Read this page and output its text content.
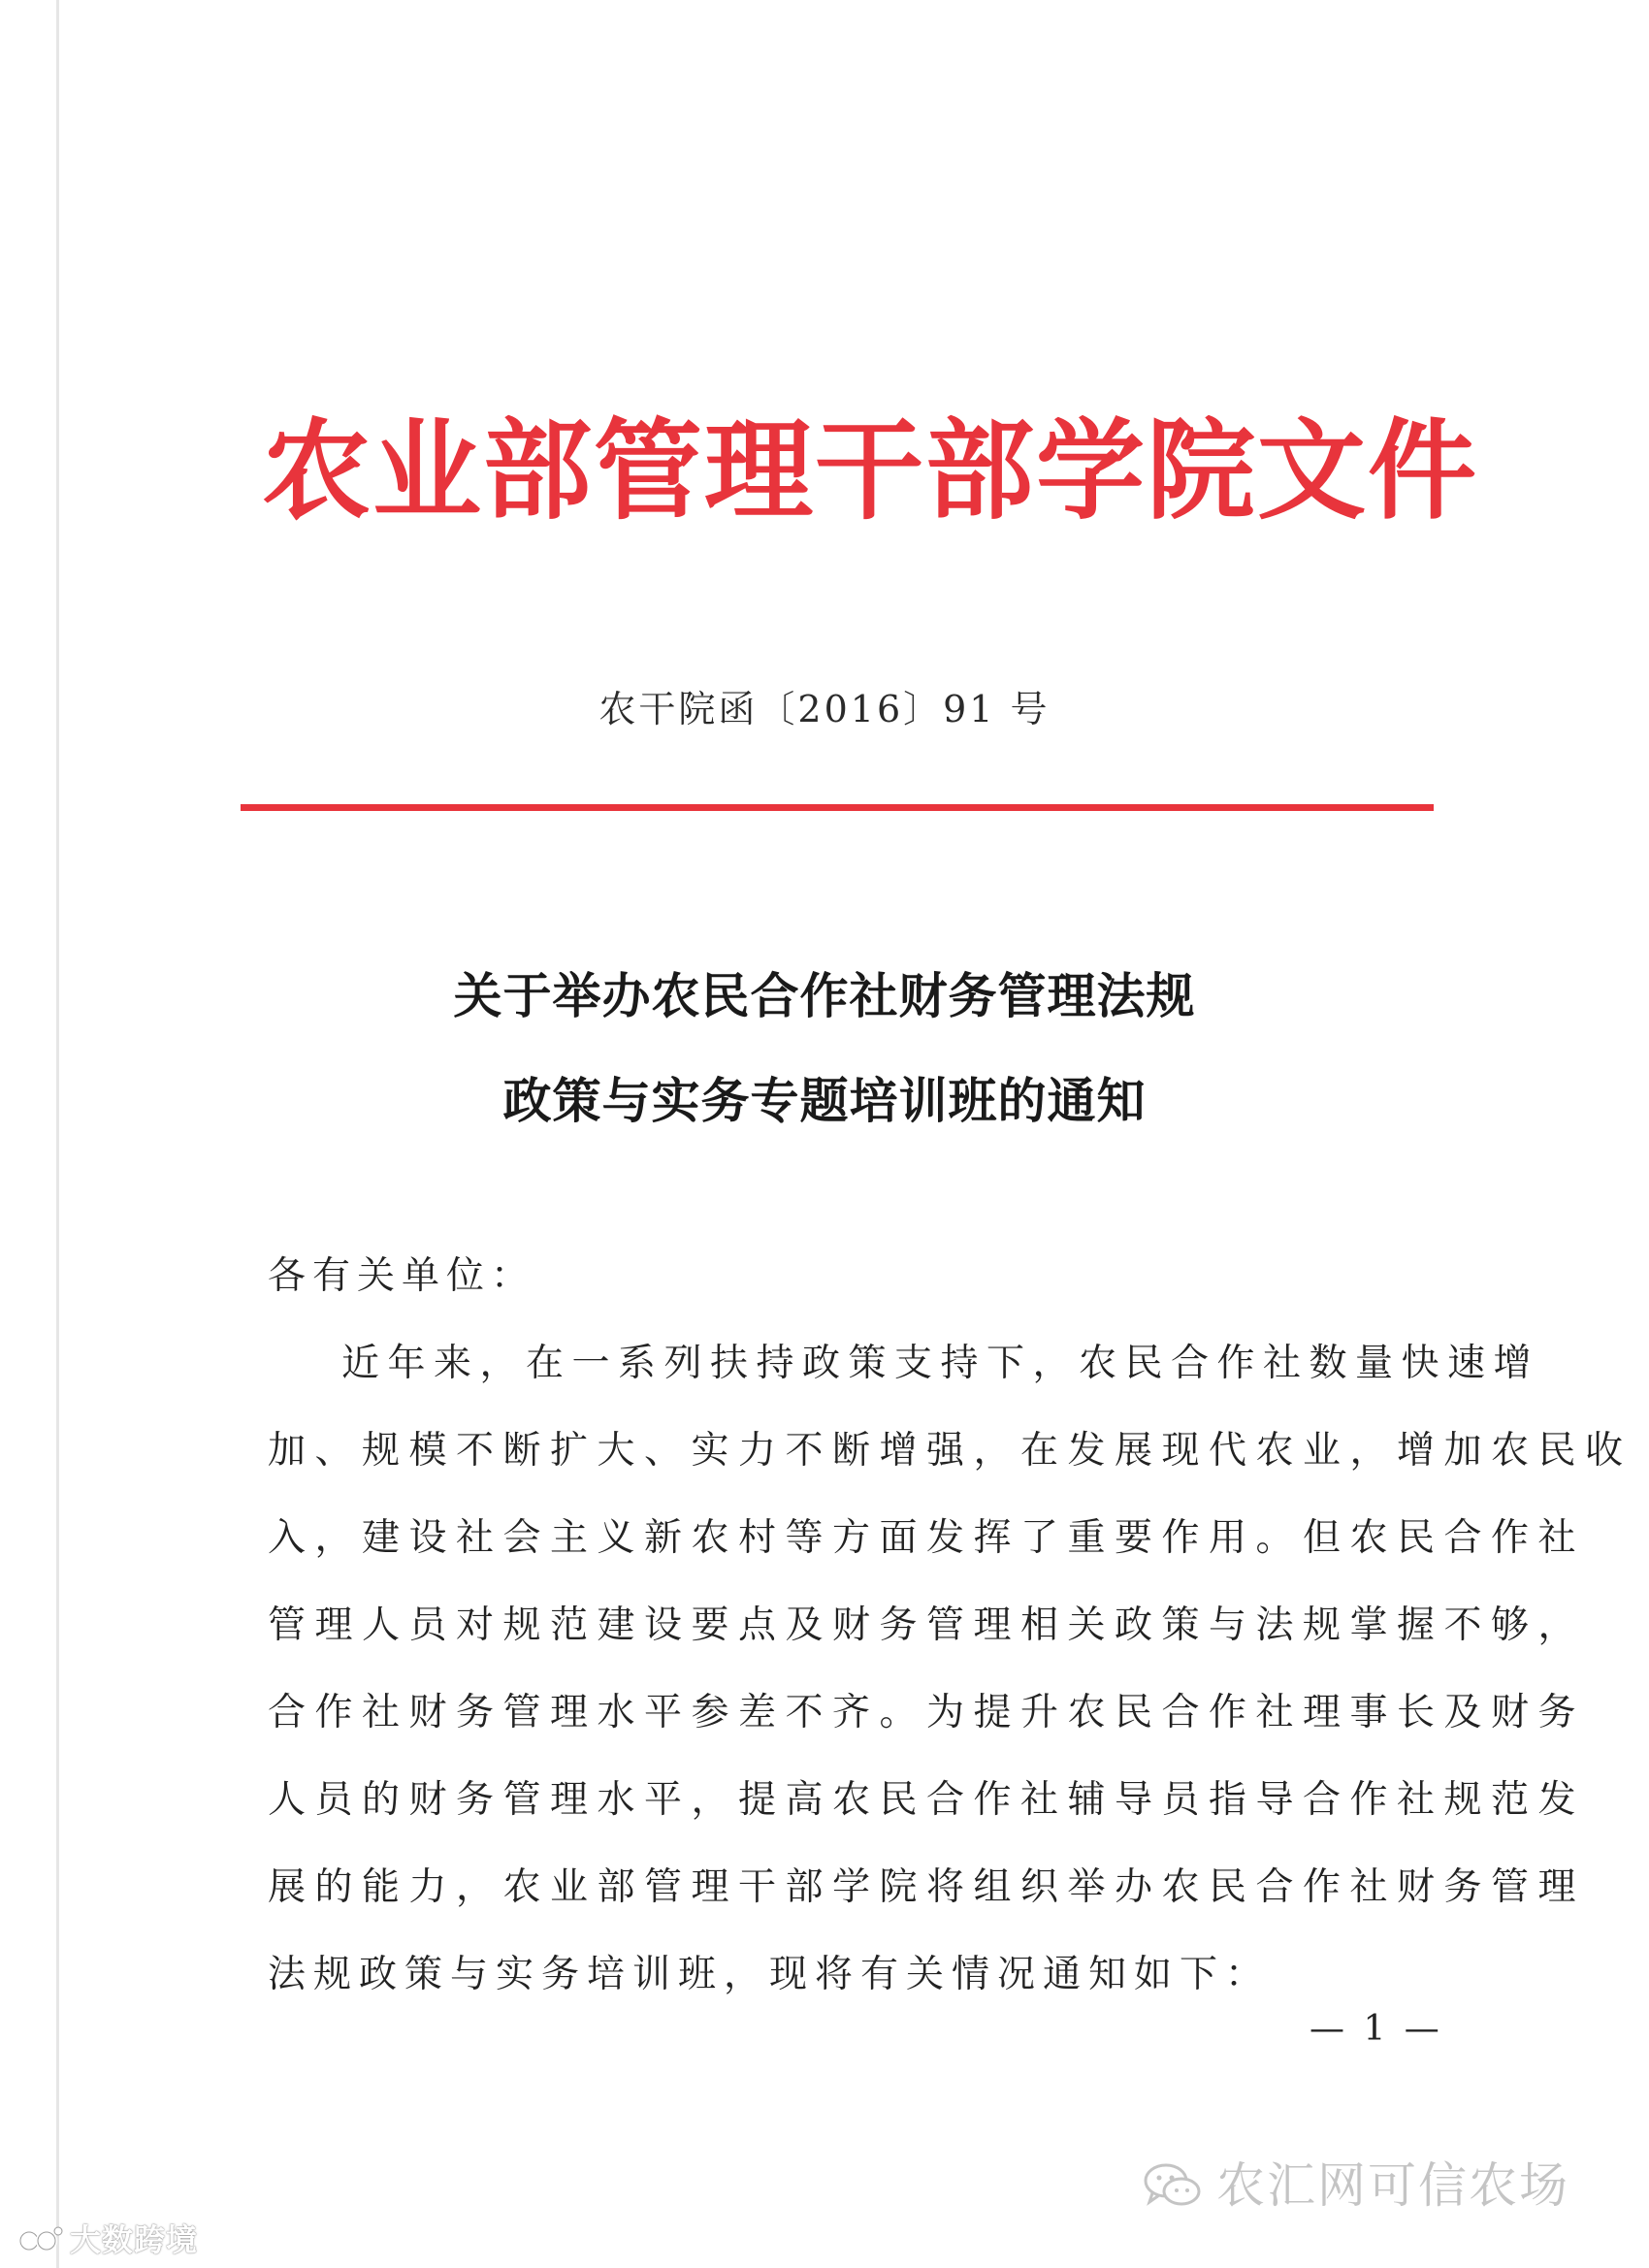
农业部管理干部学院文件
农干院函〔2016〕91 号
关于举办农民合作社财务管理法规
政策与实务专题培训班的通知
各有关单位：
近年来，在一系列扶持政策支持下，农民合作社数量快速增
加、规模不断扩大、实力不断增强，在发展现代农业，增加农民收
入，建设社会主义新农村等方面发挥了重要作用。但农民合作社
管理人员对规范建设要点及财务管理相关政策与法规掌握不够，
合作社财务管理水平参差不齐。为提升农民合作社理事长及财务
人员的财务管理水平，提高农民合作社辅导员指导合作社规范发
展的能力，农业部管理干部学院将组织举办农民合作社财务管理
法规政策与实务培训班，现将有关情况通知如下：
— 1 —
农汇网可信农场
大数跨境
